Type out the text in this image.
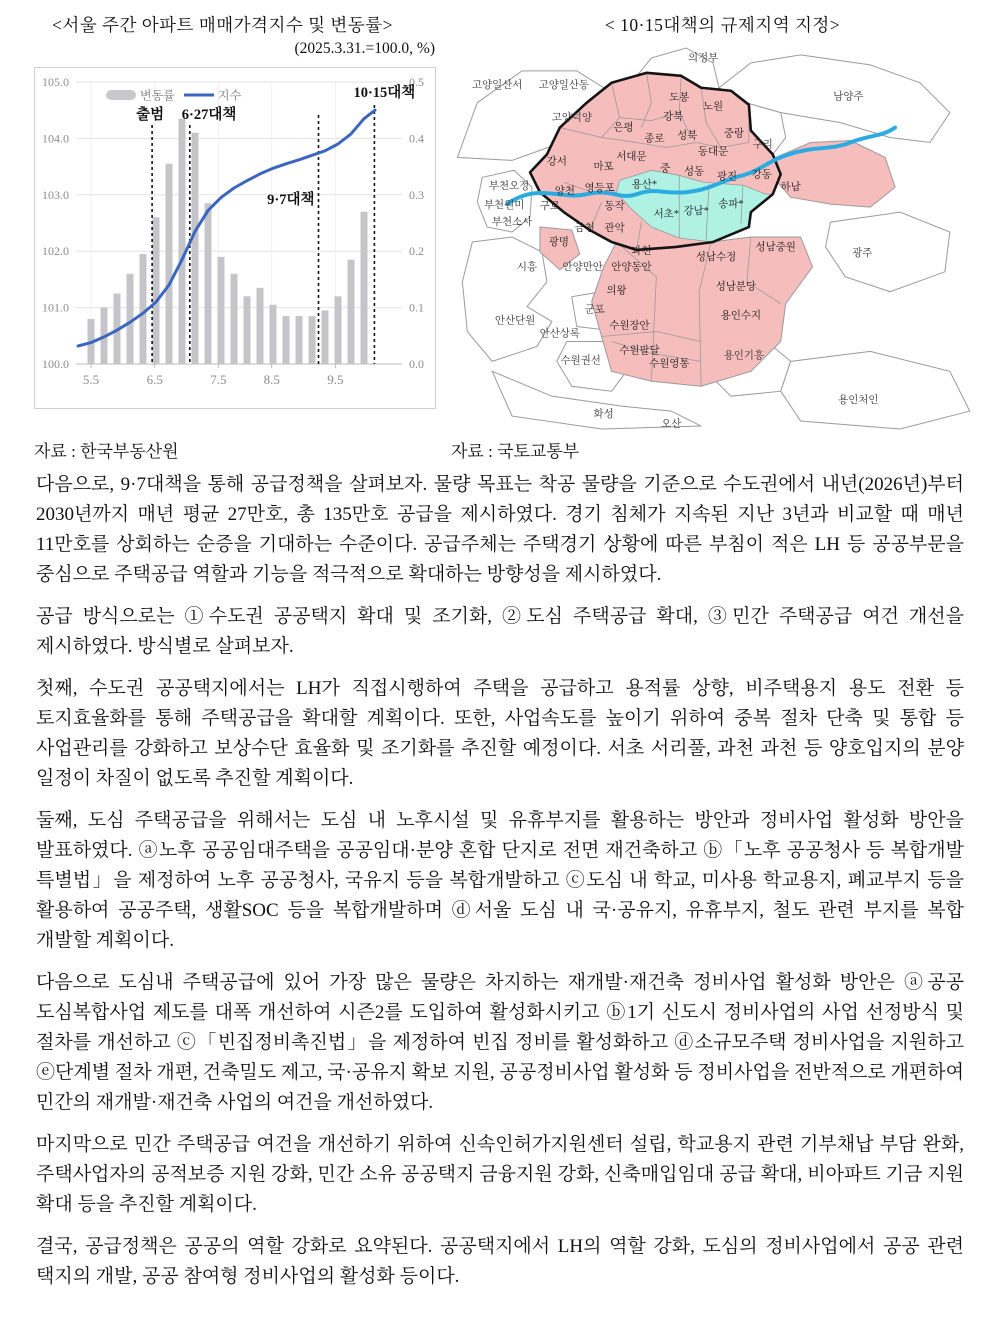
<서울 주간 아파트 매매가격지수 및 변동률>
(2025.3.31.=100.0, %)
105.0	0.5
104.0	0.4
103.0	0.3
102.0	0.2
101.0	0.1
100.0	0.0
5.5	6.5	7.5	8.5	9.5
출범 6·27대책
9·7대책
10·15대책
변동률	지수
자료 : 한국부동산원
< 10·15대책의 규제지역 지정>
고양일산서 고양일산동
고양덕양
의정부
남양주
구리
부천오정
부천원미
부천소사
시흥 안양만안
군포
안산단원
안산상록
수원권선	용인기흥
용인처인
광주
화성
오산
강서
은평
도봉
노원
강북
종로 성북	중랑
동대문
서대문
마포	중 성동 광진 강동
양천 영등포
구로	동작
금천 관악
용산*
서초* 강남*
송파*
하남
광명
과천
안양동안
의왕
성남수정
성남중원
성남분당
용인수지
수원장안
수원팔달
수원영통
자료 : 국토교통부

다음으로, 9·7대책을 통해 공급정책을 살펴보자. 물량 목표는 착공 물량을 기준으로 수도권에서 내년(2026년)부터 2030년까지 매년 평균 27만호, 총 135만호 공급을 제시하였다. 경기 침체가 지속된 지난 3년과 비교할 때 매년 11만호를 상회하는 순증을 기대하는 수준이다. 공급주체는 주택경기 상황에 따른 부침이 적은 LH 등 공공부문을 중심으로 주택공급 역할과 기능을 적극적으로 확대하는 방향성을 제시하였다.

공급 방식으로는 ①수도권 공공택지 확대 및 조기화, ②도심 주택공급 확대, ③민간 주택공급 여건 개선을 제시하였다. 방식별로 살펴보자.

첫째, 수도권 공공택지에서는 LH가 직접시행하여 주택을 공급하고 용적률 상향, 비주택용지 용도 전환 등 토지효율화를 통해 주택공급을 확대할 계획이다. 또한, 사업속도를 높이기 위하여 중복 절차 단축 및 통합 등 사업관리를 강화하고 보상수단 효율화 및 조기화를 추진할 예정이다. 서초 서리풀, 과천 과천 등 양호입지의 분양 일정이 차질이 없도록 추진할 계획이다.

둘째, 도심 주택공급을 위해서는 도심 내 노후시설 및 유휴부지를 활용하는 방안과 정비사업 활성화 방안을 발표하였다. ⓐ노후 공공임대주택을 공공임대·분양 혼합 단지로 전면 재건축하고 ⓑ「노후 공공청사 등 복합개발 특별법」을 제정하여 노후 공공청사, 국유지 등을 복합개발하고 ⓒ도심 내 학교, 미사용 학교용지, 폐교부지 등을 활용하여 공공주택, 생활SOC 등을 복합개발하며 ⓓ서울 도심 내 국·공유지, 유휴부지, 철도 관련 부지를 복합 개발할 계획이다.

다음으로 도심내 주택공급에 있어 가장 많은 물량은 차지하는 재개발·재건축 정비사업 활성화 방안은 ⓐ공공 도심복합사업 제도를 대폭 개선하여 시즌2를 도입하여 활성화시키고 ⓑ1기 신도시 정비사업의 사업 선정방식 및 절차를 개선하고 ⓒ「빈집정비촉진법」을 제정하여 빈집 정비를 활성화하고 ⓓ소규모주택 정비사업을 지원하고 ⓔ단계별 절차 개편, 건축밀도 제고, 국·공유지 확보 지원, 공공정비사업 활성화 등 정비사업을 전반적으로 개편하여 민간의 재개발·재건축 사업의 여건을 개선하였다.

마지막으로 민간 주택공급 여건을 개선하기 위하여 신속인허가지원센터 설립, 학교용지 관련 기부채납 부담 완화, 주택사업자의 공적보증 지원 강화, 민간 소유 공공택지 금융지원 강화, 신축매입임대 공급 확대, 비아파트 기금 지원 확대 등을 추진할 계획이다.

결국, 공급정책은 공공의 역할 강화로 요약된다. 공공택지에서 LH의 역할 강화, 도심의 정비사업에서 공공 관련 택지의 개발, 공공 참여형 정비사업의 활성화 등이다.
